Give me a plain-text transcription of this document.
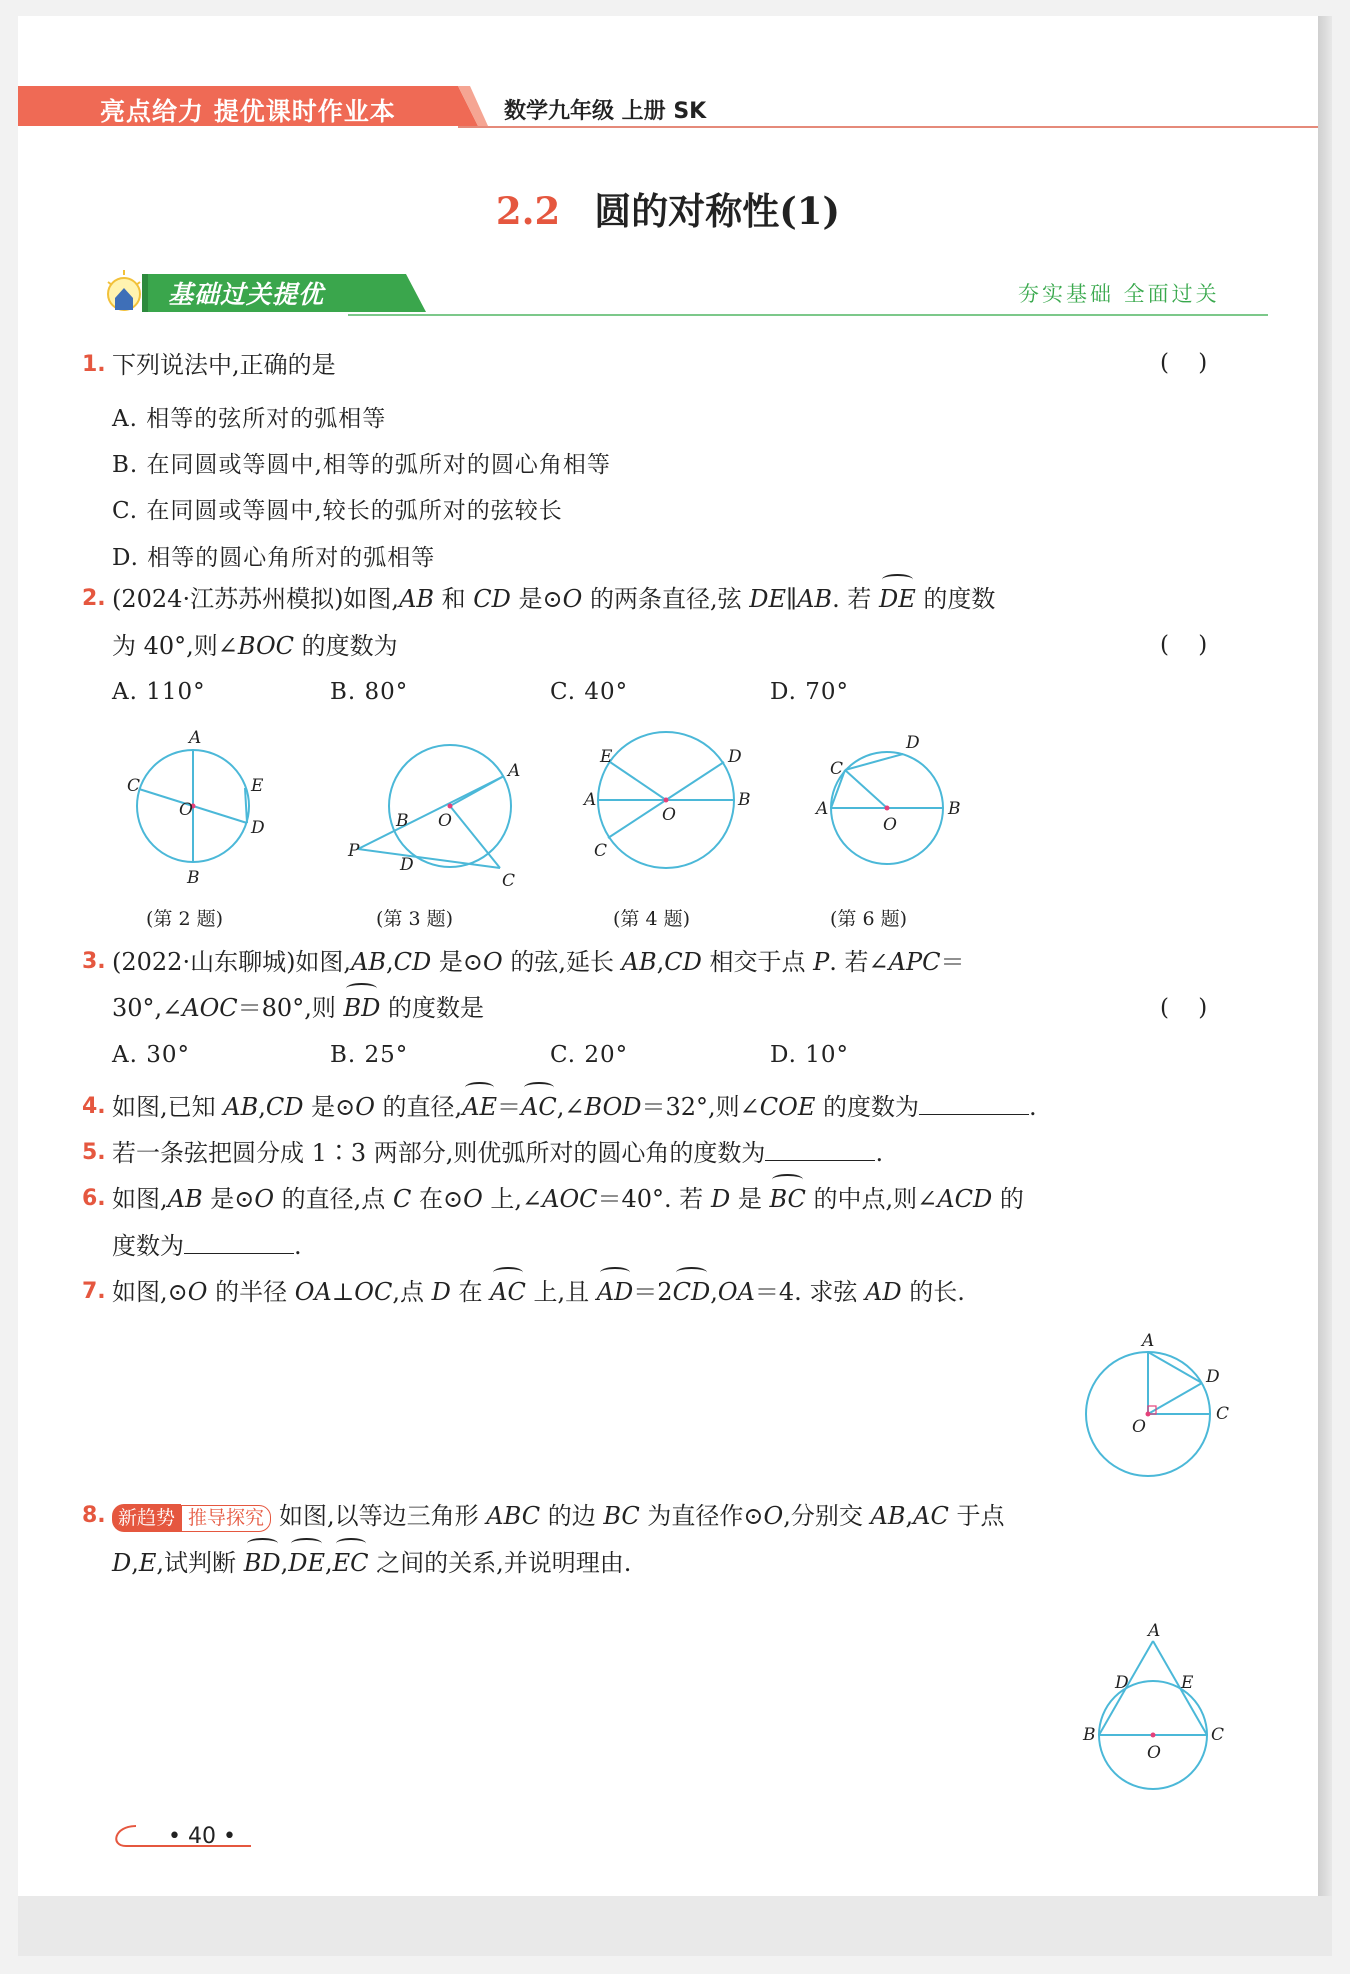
亮点给力 提优课时作业本	数学九年级 上册 SK
2.2 圆的对称性(1)
基础过关提优	夯实基础 全面过关
1. 下列说法中,正确的是	(    )
A. 相等的弦所对的弧相等
B. 在同圆或等圆中,相等的弧所对的圆心角相等
C. 在同圆或等圆中,较长的弧所对的弦较长
D. 相等的圆心角所对的弧相等
2. (2024·江苏苏州模拟)如图,AB 和 CD 是⊙O 的两条直径,弦 DE∥AB. 若 DE 的度数
为 40°,则∠BOC 的度数为	(    )
A. 110°	B. 80°	C. 40°	D. 70°
A
C	E
O
D
B
(第 2 题)
A
B O
P
D
C
(第 3 题)
E	D
A	B
O
C
(第 4 题)
D
C
A	B
O
(第 6 题)
3. (2022·山东聊城)如图,AB,CD 是⊙O 的弦,延长 AB,CD 相交于点 P. 若∠APC＝
30°,∠AOC＝80°,则 BD 的度数是	(    )
A. 30°	B. 25°	C. 20°	D. 10°
4. 如图,已知 AB,CD 是⊙O 的直径,AE＝AC,∠BOD＝32°,则∠COE 的度数为	.
5. 若一条弦把圆分成 1∶3 两部分,则优弧所对的圆心角的度数为	.
6. 如图,AB 是⊙O 的直径,点 C 在⊙O 上,∠AOC＝40°. 若 D 是 BC 的中点,则∠ACD 的
度数为	.
7. 如图,⊙O 的半径 OA⊥OC,点 D 在 AC 上,且 AD＝2CD,OA＝4. 求弦 AD 的长.
A
D
C
O
8. 新趋势 推导探究 如图,以等边三角形 ABC 的边 BC 为直径作⊙O,分别交 AB,AC 于点
D,E,试判断 BD,DE,EC 之间的关系,并说明理由.
A
D	E
B	C
O
• 40 •
